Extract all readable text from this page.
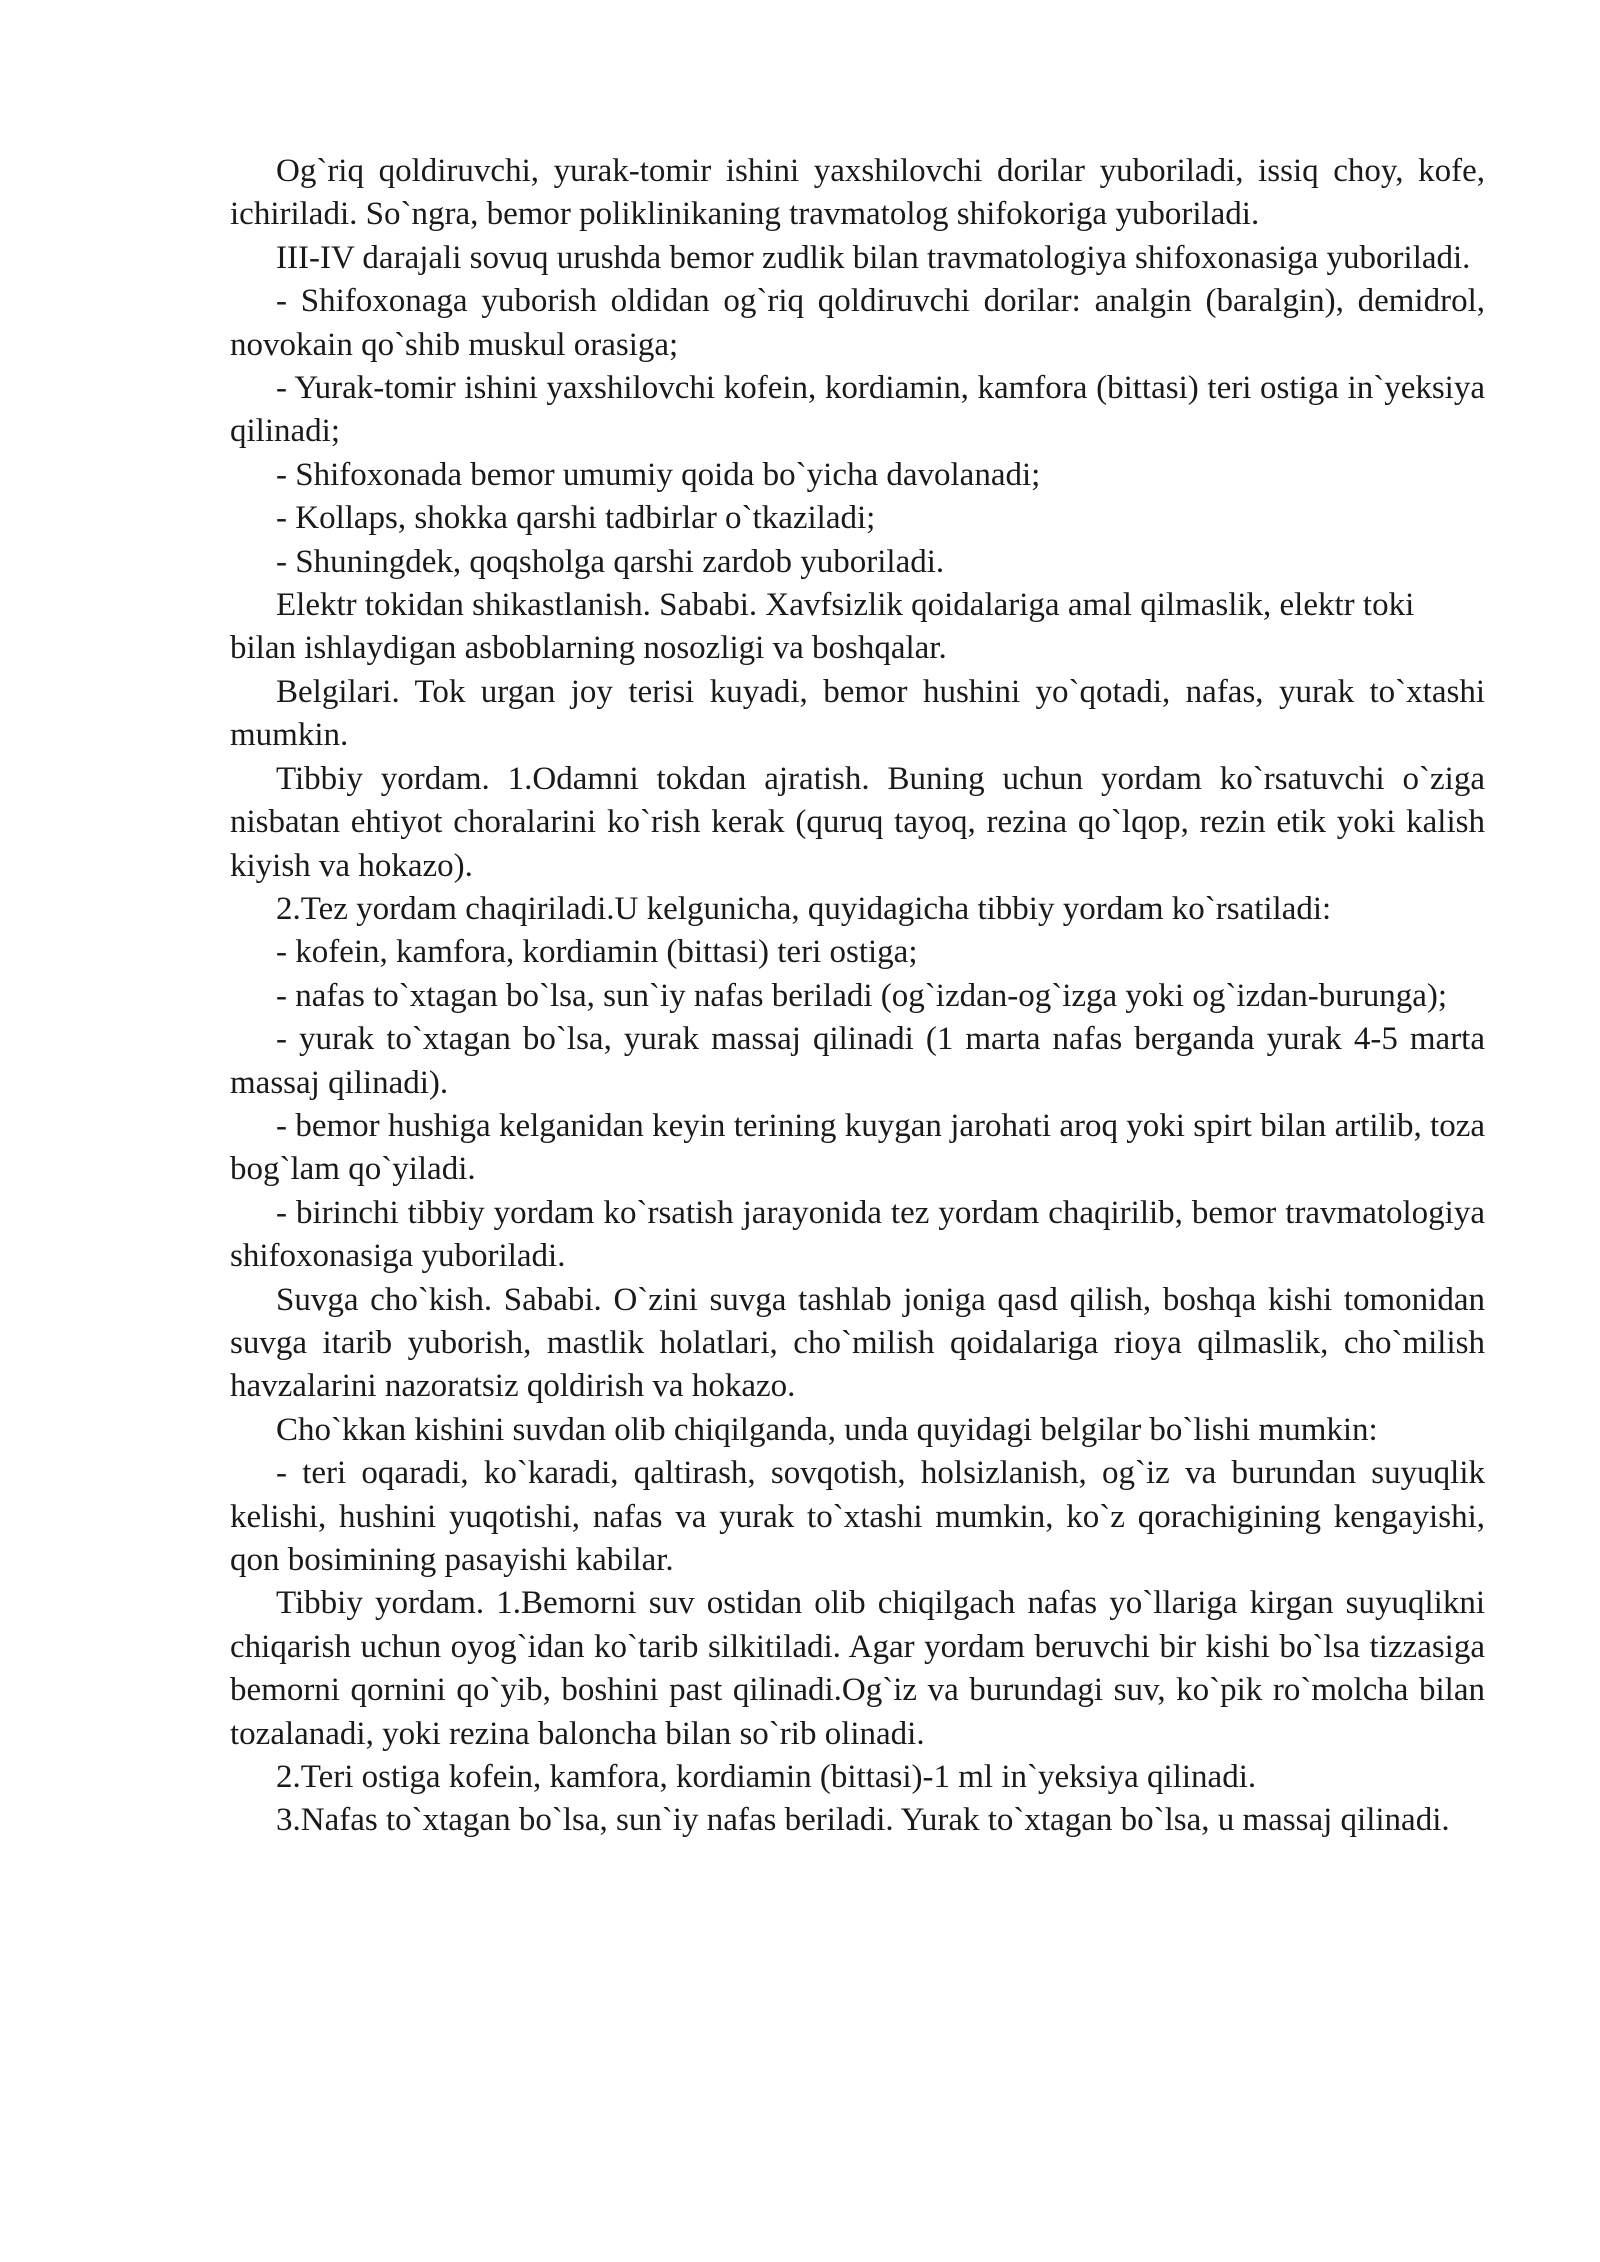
Og`riq qoldiruvchi, yurak-tomir ishini yaxshilovchi dorilar yuboriladi, issiq choy, kofe, ichiriladi. So`ngra, bemor poliklinikaning travmatolog shifokoriga yuboriladi.

III-IV darajali sovuq urushda bemor zudlik bilan travmatologiya shifoxonasiga yuboriladi.

- Shifoxonaga yuborish oldidan og`riq qoldiruvchi dorilar: analgin (baralgin), demidrol, novokain qo`shib muskul orasiga;

- Yurak-tomir ishini yaxshilovchi kofein, kordiamin, kamfora (bittasi) teri ostiga in`yeksiya qilinadi;

- Shifoxonada bemor umumiy qoida bo`yicha davolanadi;

- Kollaps, shokka qarshi tadbirlar o`tkaziladi;

- Shuningdek, qoqsholga qarshi zardob yuboriladi.

Elektr tokidan shikastlanish. Sababi. Xavfsizlik qoidalariga amal qilmaslik, elektr toki bilan ishlaydigan asboblarning nosozligi va boshqalar.

Belgilari. Tok urgan joy terisi kuyadi, bemor hushini yo`qotadi, nafas, yurak to`xtashi mumkin.

Tibbiy yordam. 1.Odamni tokdan ajratish. Buning uchun yordam ko`rsatuvchi o`ziga nisbatan ehtiyot choralarini ko`rish kerak (quruq tayoq, rezina qo`lqop, rezin etik yoki kalish kiyish va hokazo).

2.Tez yordam chaqiriladi.U kelgunicha, quyidagicha tibbiy yordam ko`rsatiladi:

- kofein, kamfora, kordiamin (bittasi) teri ostiga;

- nafas to`xtagan bo`lsa, sun`iy nafas beriladi (og`izdan-og`izga yoki og`izdan-burunga);

- yurak to`xtagan bo`lsa, yurak massaj qilinadi (1 marta nafas berganda yurak 4-5 marta massaj qilinadi).

- bemor hushiga kelganidan keyin terining kuygan jarohati aroq yoki spirt bilan artilib, toza bog`lam qo`yiladi.

- birinchi tibbiy yordam ko`rsatish jarayonida tez yordam chaqirilib, bemor travmatologiya shifoxonasiga yuboriladi.

Suvga cho`kish. Sababi. O`zini suvga tashlab joniga qasd qilish, boshqa kishi tomonidan suvga itarib yuborish, mastlik holatlari, cho`milish qoidalariga rioya qilmaslik, cho`milish havzalarini nazoratsiz qoldirish va hokazo.

Cho`kkan kishini suvdan olib chiqilganda, unda quyidagi belgilar bo`lishi mumkin:

- teri oqaradi, ko`karadi, qaltirash, sovqotish, holsizlanish, og`iz va burundan suyuqlik kelishi, hushini yuqotishi, nafas va yurak to`xtashi mumkin, ko`z qorachigining kengayishi, qon bosimining pasayishi kabilar.

Tibbiy yordam. 1.Bemorni suv ostidan olib chiqilgach nafas yo`llariga kirgan suyuqlikni chiqarish uchun oyog`idan ko`tarib silkitiladi. Agar yordam beruvchi bir kishi bo`lsa tizzasiga bemorni qornini qo`yib, boshini past qilinadi.Og`iz va burundagi suv, ko`pik ro`molcha bilan tozalanadi, yoki rezina baloncha bilan so`rib olinadi.

2.Teri ostiga kofein, kamfora, kordiamin (bittasi)-1 ml in`yeksiya qilinadi.

3.Nafas to`xtagan bo`lsa, sun`iy nafas beriladi. Yurak to`xtagan bo`lsa, u massaj qilinadi.
